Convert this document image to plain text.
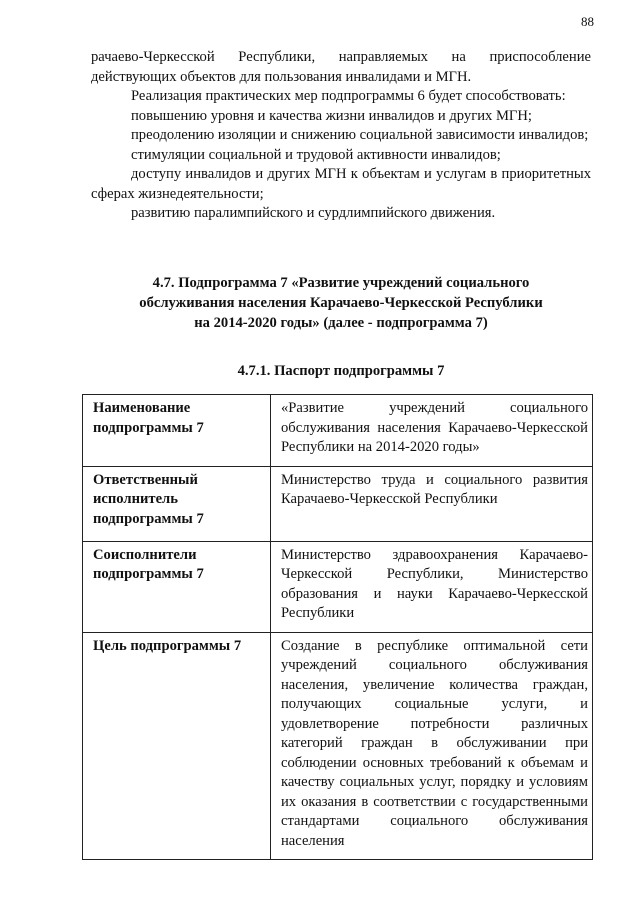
88

рачаево-Черкесской Республики, направляемых на приспособление действующих объектов для пользования инвалидами и МГН.

Реализация практических мер подпрограммы 6 будет способствовать:

повышению уровня и качества жизни инвалидов и других МГН;

преодолению изоляции и снижению социальной зависимости инвалидов;

стимуляции социальной и трудовой активности инвалидов;

доступу инвалидов и других МГН к объектам и услугам в приоритетных сферах жизнедеятельности;

развитию паралимпийского и сурдлимпийского движения.

4.7. Подпрограмма 7 «Развитие учреждений социального
обслуживания населения Карачаево-Черкесской Республики
на 2014-2020 годы» (далее - подпрограмма 7)
4.7.1. Паспорт подпрограммы 7
Наименование подпрограммы 7	«Развитие учреждений социального обслуживания населения Карачаево-Черкесской Республики на 2014-2020 годы»
Ответственный исполнитель подпрограммы 7	Министерство труда и социального развития Карачаево-Черкесской Республики
Соисполнители подпрограммы 7	Министерство здравоохранения Карачаево-Черкесской Республики, Министерство образования и науки Карачаево-Черкесской Республики
Цель подпрограммы 7	Создание в республике оптимальной сети учреждений социального обслуживания населения, увеличение количества граждан, получающих социальные услуги, и удовлетворение потребности различных категорий граждан в обслуживании при соблюдении основных требований к объемам и качеству социальных услуг, порядку и условиям их оказания в соответствии с государственными стандартами социального обслуживания населения
